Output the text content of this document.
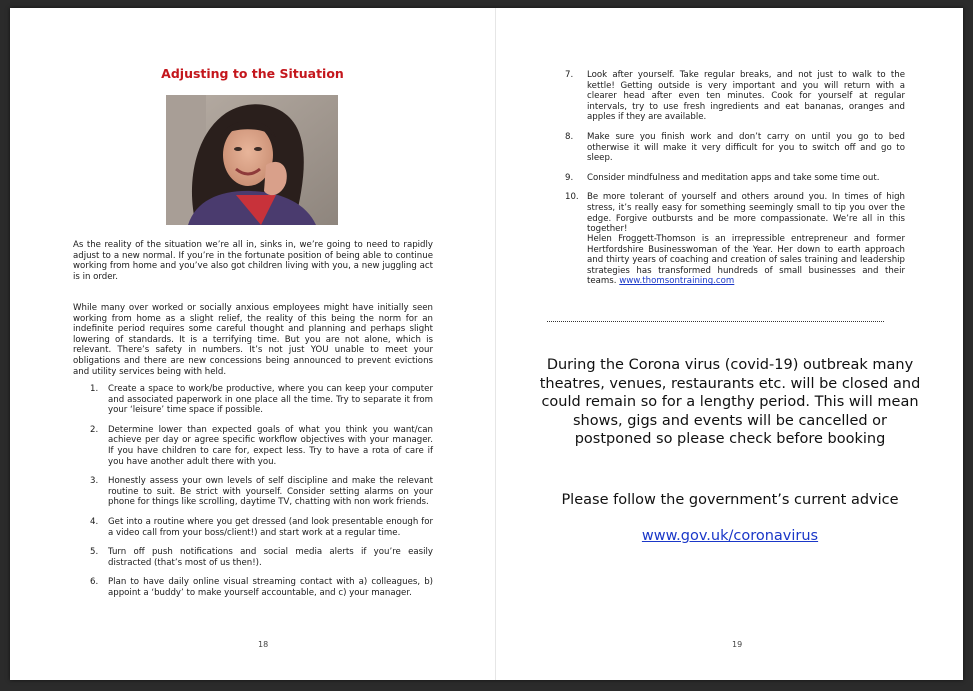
Adjusting to the Situation

As the reality of the situation we’re all in, sinks in, we’re going to need to rapidly adjust to a new normal. If you’re in the fortunate position of being able to continue working from home and you’ve also got children living with you, a new juggling act is in order.

While many over worked or socially anxious employees might have initially seen working from home as a slight relief, the reality of this being the norm for an indefinite period requires some careful thought and planning and perhaps slight lowering of standards. It is a terrifying time. But you are not alone, which is relevant. There’s safety in numbers. It’s not just YOU unable to meet your obligations and there are new concessions being announced to prevent evictions and utility services being with held.

1. Create a space to work/be productive, where you can keep your computer and associated paperwork in one place all the time. Try to separate it from your ‘leisure’ time space if possible.
2. Determine lower than expected goals of what you think you want/can achieve per day or agree specific workflow objectives with your manager. If you have children to care for, expect less. Try to have a rota of care if you have another adult there with you.
3. Honestly assess your own levels of self discipline and make the relevant routine to suit. Be strict with yourself. Consider setting alarms on your phone for things like scrolling, daytime TV, chatting with non work friends.
4. Get into a routine where you get dressed (and look presentable enough for a video call from your boss/client!) and start work at a regular time.
5. Turn off push notifications and social media alerts if you’re easily distracted (that’s most of us then!).
6. Plan to have daily online visual streaming contact with a) colleagues, b) appoint a ‘buddy’ to make yourself accountable, and c) your manager.
18
7. Look after yourself. Take regular breaks, and not just to walk to the kettle! Getting outside is very important and you will return with a clearer head after even ten minutes. Cook for yourself at regular intervals, try to use fresh ingredients and eat bananas, oranges and apples if they are available.
8. Make sure you finish work and don’t carry on until you go to bed otherwise it will make it very difficult for you to switch off and go to sleep.
9. Consider mindfulness and meditation apps and take some time out.
10. Be more tolerant of yourself and others around you. In times of high stress, it’s really easy for something seemingly small to tip you over the edge. Forgive outbursts and be more compassionate. We’re all in this together!

Helen Froggett-Thomson is an irrepressible entrepreneur and former Hertfordshire Businesswoman of the Year. Her down to earth approach and thirty years of coaching and creation of sales training and leadership strategies has transformed hundreds of small businesses and their teams. www.thomsontraining.com

During the Corona virus (covid-19) outbreak many theatres, venues, restaurants etc. will be closed and could remain so for a lengthy period. This will mean shows, gigs and events will be cancelled or postponed so please check before booking

Please follow the government’s current advice

www.gov.uk/coronavirus

19
